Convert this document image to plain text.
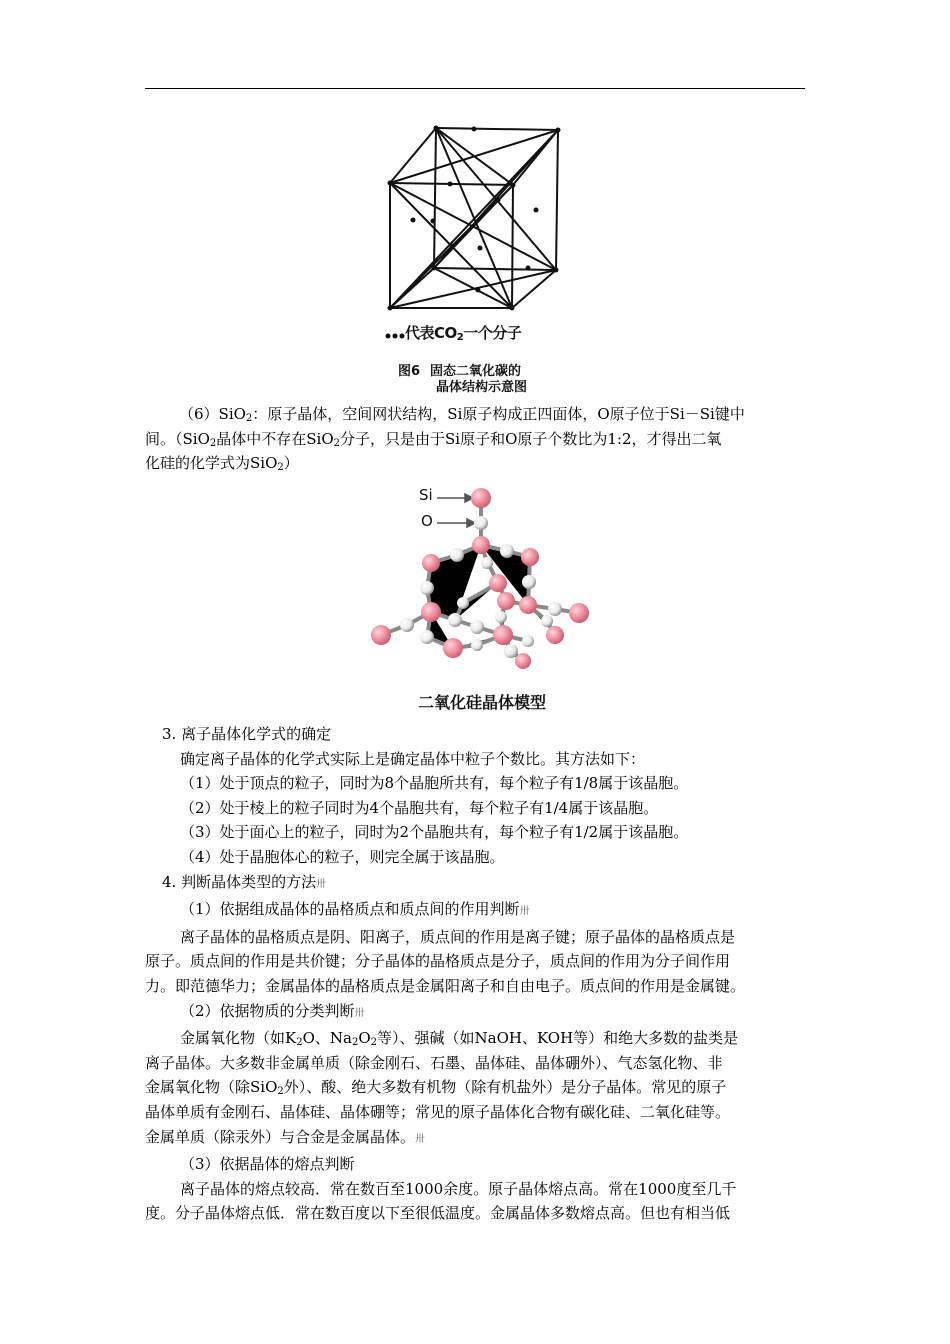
代表$CO_2$一个分子
图6 固态二氧化碳的
晶体结构示意图

（6）SiO$_2$：原子晶体，空间网状结构，Si原子构成正四面体，O原子位于Si－Si键中

间。（SiO$_2$晶体中不存在SiO$_2$分子，只是由于Si原子和O原子个数比为1:2，才得出二氧

化硅的化学式为SiO$_2$）

Si
O
二氧化硅晶体模型

3. 离子晶体化学式的确定

确定离子晶体的化学式实际上是确定晶体中粒子个数比。其方法如下：

（1）处于顶点的粒子，同时为8个晶胞所共有，每个粒子有1/8属于该晶胞。

（2）处于棱上的粒子同时为4个晶胞共有，每个粒子有1/4属于该晶胞。

（3）处于面心上的粒子，同时为2个晶胞共有，每个粒子有1/2属于该晶胞。

（4）处于晶胞体心的粒子，则完全属于该晶胞。

4. 判断晶体类型的方法卅

（1）依据组成晶体的晶格质点和质点间的作用判断卅

离子晶体的晶格质点是阴、阳离子，质点间的作用是离子键；原子晶体的晶格质点是

原子。质点间的作用是共价键；分子晶体的晶格质点是分子，质点间的作用为分子间作用

力。即范德华力；金属晶体的晶格质点是金属阳离子和自由电子。质点间的作用是金属键。

（2）依据物质的分类判断卅

金属氧化物（如$K_2O$、$Na_2O_2$等）、强碱（如NaOH、KOH等）和绝大多数的盐类是

离子晶体。大多数非金属单质（除金刚石、石墨、晶体硅、晶体硼外）、气态氢化物、非

金属氧化物（除SiO$_2$外）、酸、绝大多数有机物（除有机盐外）是分子晶体。常见的原子

晶体单质有金刚石、晶体硅、晶体硼等；常见的原子晶体化合物有碳化硅、二氧化硅等。

金属单质（除汞外）与合金是金属晶体。卅

（3）依据晶体的熔点判断

离子晶体的熔点较高．常在数百至1000余度。原子晶体熔点高。常在1000度至几千

度。分子晶体熔点低．常在数百度以下至很低温度。金属晶体多数熔点高。但也有相当低
